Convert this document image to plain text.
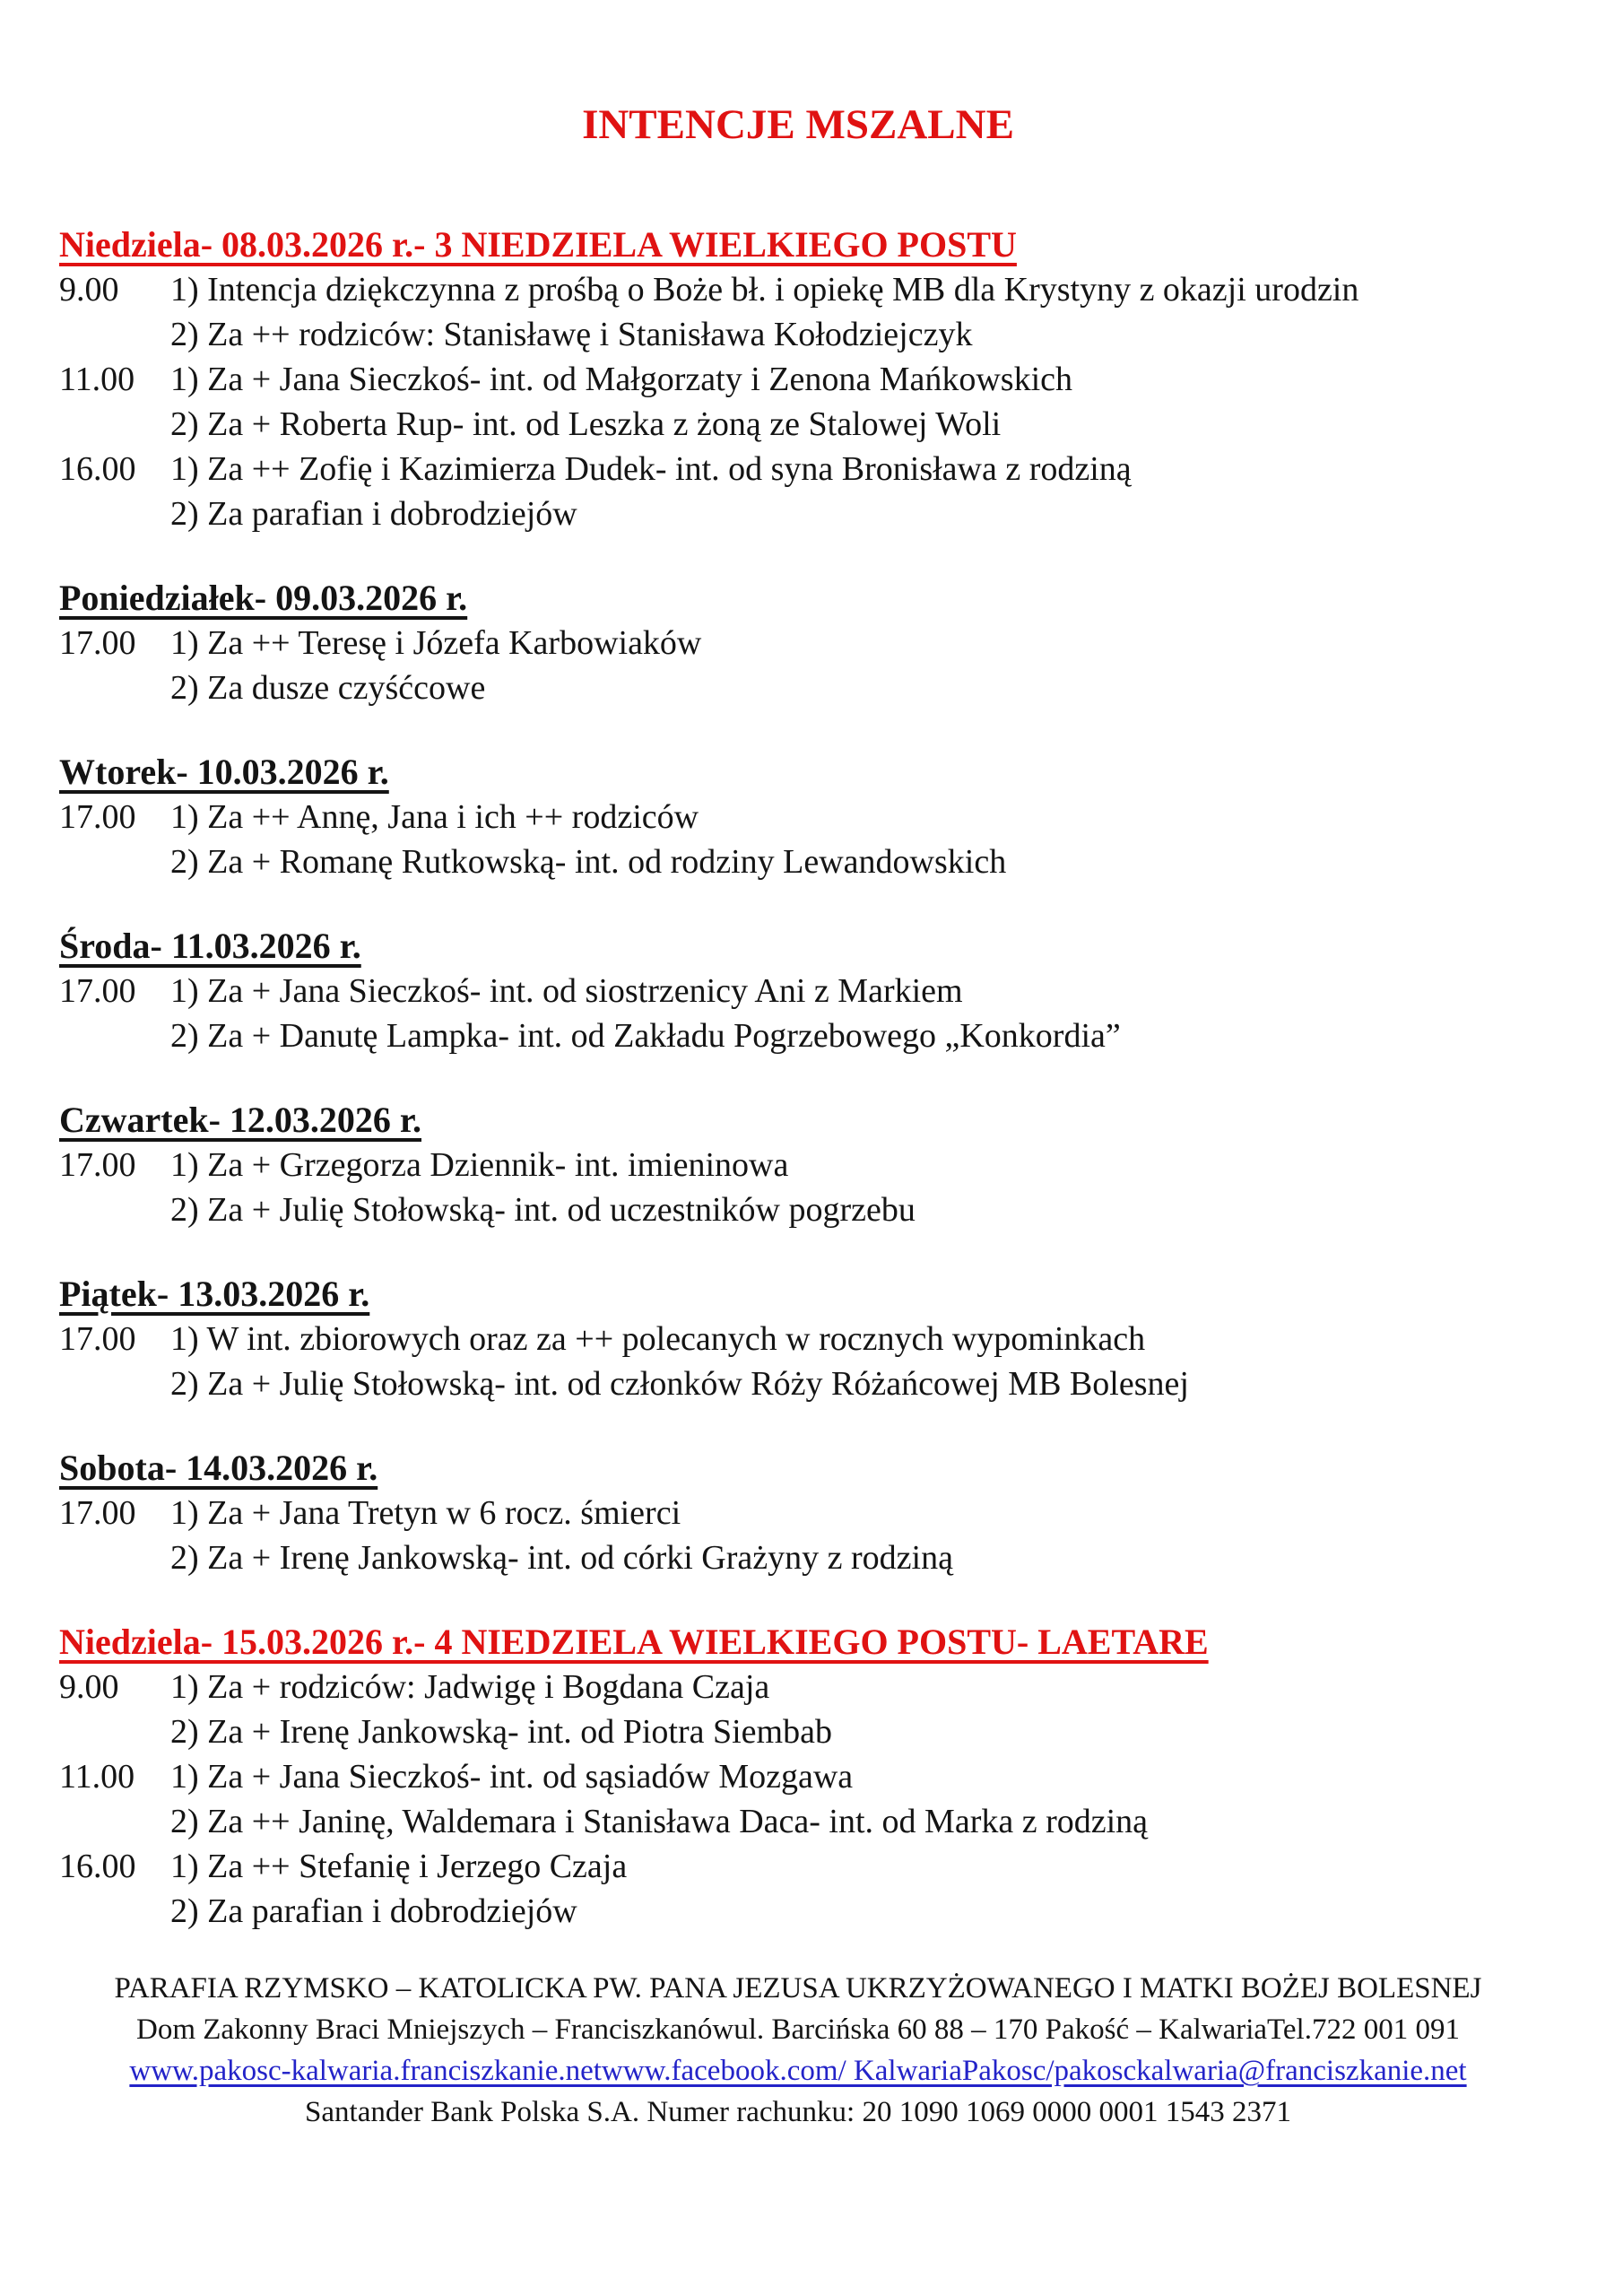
INTENCJE MSZALNE
Niedziela- 08.03.2026 r.- 3 NIEDZIELA WIELKIEGO POSTU
9.00	1) Intencja dziękczynna z prośbą o Boże bł. i opiekę MB dla Krystyny z okazji urodzin
2) Za ++ rodziców: Stanisławę i Stanisława Kołodziejczyk
11.00	1) Za + Jana Sieczkoś- int. od Małgorzaty i Zenona Mańkowskich
2) Za + Roberta Rup- int. od Leszka z żoną ze Stalowej Woli
16.00	1) Za ++ Zofię i Kazimierza Dudek- int. od syna Bronisława z rodziną
2) Za parafian i dobrodziejów
Poniedziałek- 09.03.2026 r.
17.00	1) Za ++ Teresę i Józefa Karbowiaków
2) Za dusze czyśćcowe
Wtorek- 10.03.2026 r.
17.00	1) Za ++ Annę, Jana i ich ++ rodziców
2) Za + Romanę Rutkowską- int. od rodziny Lewandowskich
Środa- 11.03.2026 r.
17.00	1) Za + Jana Sieczkoś- int. od siostrzenicy Ani z Markiem
2) Za + Danutę Lampka- int. od Zakładu Pogrzebowego „Konkordia”
Czwartek- 12.03.2026 r.
17.00	1) Za + Grzegorza Dziennik- int. imieninowa
2) Za + Julię Stołowską- int. od uczestników pogrzebu
Piątek- 13.03.2026 r.
17.00	1) W int. zbiorowych oraz za ++ polecanych w rocznych wypominkach
2) Za + Julię Stołowską- int. od członków Róży Różańcowej MB Bolesnej
Sobota- 14.03.2026 r.
17.00	1) Za + Jana Tretyn w 6 rocz. śmierci
2) Za + Irenę Jankowską- int. od córki Grażyny z rodziną
Niedziela- 15.03.2026 r.- 4 NIEDZIELA WIELKIEGO POSTU- LAETARE
9.00	1) Za + rodziców: Jadwigę i Bogdana Czaja
2) Za + Irenę Jankowską- int. od Piotra Siembab
11.00	1) Za + Jana Sieczkoś- int. od sąsiadów Mozgawa
2) Za ++ Janinę, Waldemara i Stanisława Daca- int. od Marka z rodziną
16.00	1) Za ++ Stefanię i Jerzego Czaja
2) Za parafian i dobrodziejów
PARAFIA RZYMSKO – KATOLICKA PW. PANA JEZUSA UKRZYŻOWANEGO I MATKI BOŻEJ BOLESNEJ
Dom Zakonny Braci Mniejszych – Franciszkanówul. Barcińska 60 88 – 170 Pakość – KalwariaTel.722 001 091
www.pakosc-kalwaria.franciszkanie.netwww.facebook.com/ KalwariaPakosc/pakosckalwaria@franciszkanie.net
Santander Bank Polska S.A. Numer rachunku: 20 1090 1069 0000 0001 1543 2371
